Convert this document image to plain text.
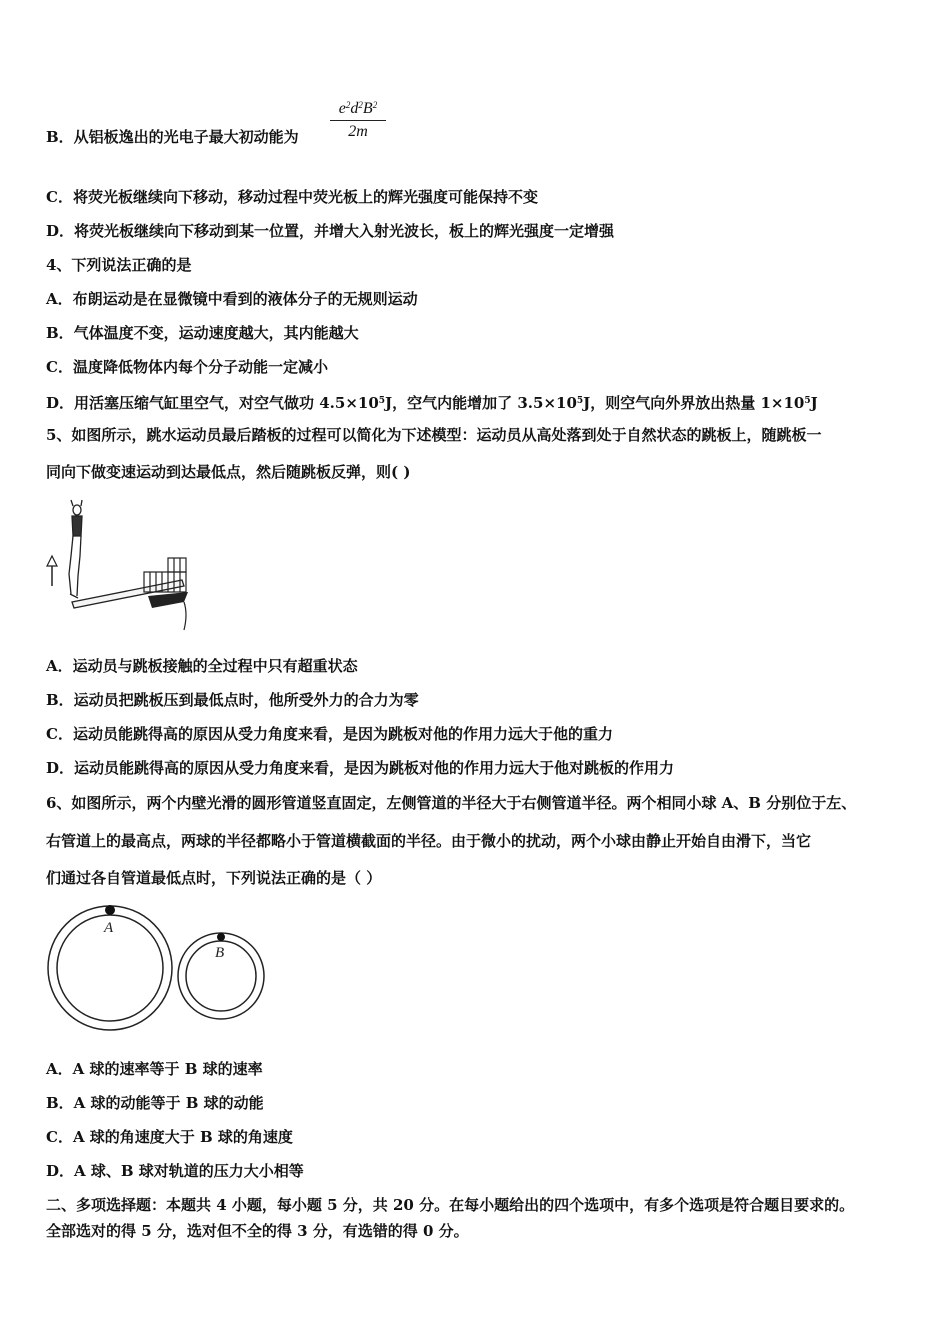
B．从铝板逸出的光电子最大初动能为 $\frac{e^2d^2B^2}{2m}$
C．将荧光板继续向下移动，移动过程中荧光板上的辉光强度可能保持不变
D．将荧光板继续向下移动到某一位置，并增大入射光波长，板上的辉光强度一定增强
4、下列说法正确的是
A．布朗运动是在显微镜中看到的液体分子的无规则运动
B．气体温度不变，运动速度越大，其内能越大
C．温度降低物体内每个分子动能一定减小
D．用活塞压缩气缸里空气，对空气做功 $4.5\times 10^5J$，空气内能增加了 $3.5\times 10^5J$，则空气向外界放出热量 $1\times 10^5J$
5、如图所示，跳水运动员最后踏板的过程可以简化为下述模型：运动员从高处落到处于自然状态的跳板上，随跳板一
同向下做变速运动到达最低点，然后随跳板反弹，则( )
A．运动员与跳板接触的全过程中只有超重状态
B．运动员把跳板压到最低点时，他所受外力的合力为零
C．运动员能跳得高的原因从受力角度来看，是因为跳板对他的作用力远大于他的重力
D．运动员能跳得高的原因从受力角度来看，是因为跳板对他的作用力远大于他对跳板的作用力
6、如图所示，两个内壁光滑的圆形管道竖直固定，左侧管道的半径大于右侧管道半径。两个相同小球 A、B 分别位于左、
右管道上的最高点，两球的半径都略小于管道横截面的半径。由于微小的扰动，两个小球由静止开始自由滑下，当它
们通过各自管道最低点时，下列说法正确的是（ ）
A
B
A．A 球的速率等于 B 球的速率
B．A 球的动能等于 B 球的动能
C．A 球的角速度大于 B 球的角速度
D．A 球、B 球对轨道的压力大小相等
二、多项选择题：本题共 4 小题，每小题 5 分，共 20 分。在每小题给出的四个选项中，有多个选项是符合题目要求的。
全部选对的得 5 分，选对但不全的得 3 分，有选错的得 0 分。
